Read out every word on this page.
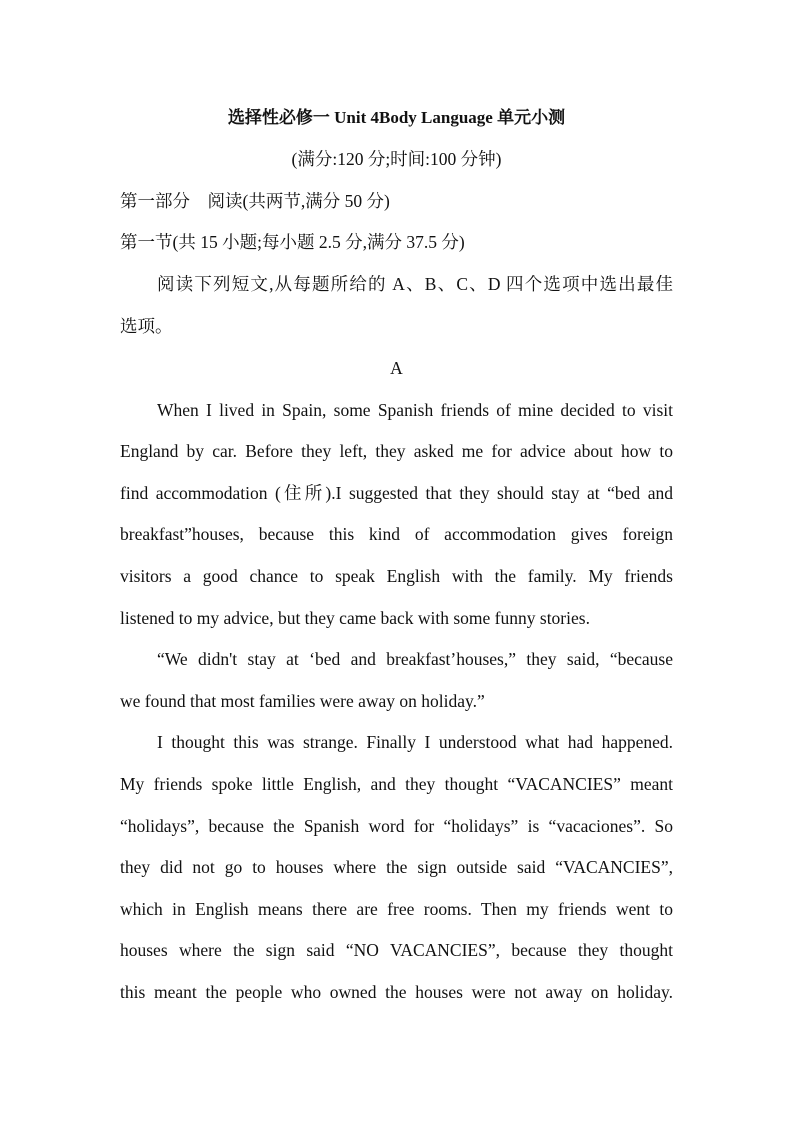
选择性必修一 Unit 4Body Language 单元小测
(满分:120 分;时间:100 分钟)
第一部分　阅读(共两节,满分 50 分)
第一节(共 15 小题;每小题 2.5 分,满分 37.5 分)
阅读下列短文,从每题所给的 A、B、C、D 四个选项中选出最佳
选项。
A
When I lived in Spain, some Spanish friends of mine decided to visit
England by car. Before they left, they asked me for advice about how to
find accommodation (住所).I suggested that they should stay at “bed and
breakfast”houses, because this kind of accommodation gives foreign
visitors a good chance to speak English with the family. My friends
listened to my advice, but they came back with some funny stories.
“We didn't stay at ‘bed and breakfast’houses,” they said, “because
we found that most families were away on holiday.”
I thought this was strange. Finally I understood what had happened.
My friends spoke little English, and they thought “VACANCIES” meant
“holidays”, because the Spanish word for “holidays” is “vacaciones”. So
they did not go to houses where the sign outside said “VACANCIES”,
which in English means there are free rooms. Then my friends went to
houses where the sign said “NO VACANCIES”, because they thought
this meant the people who owned the houses were not away on holiday.
